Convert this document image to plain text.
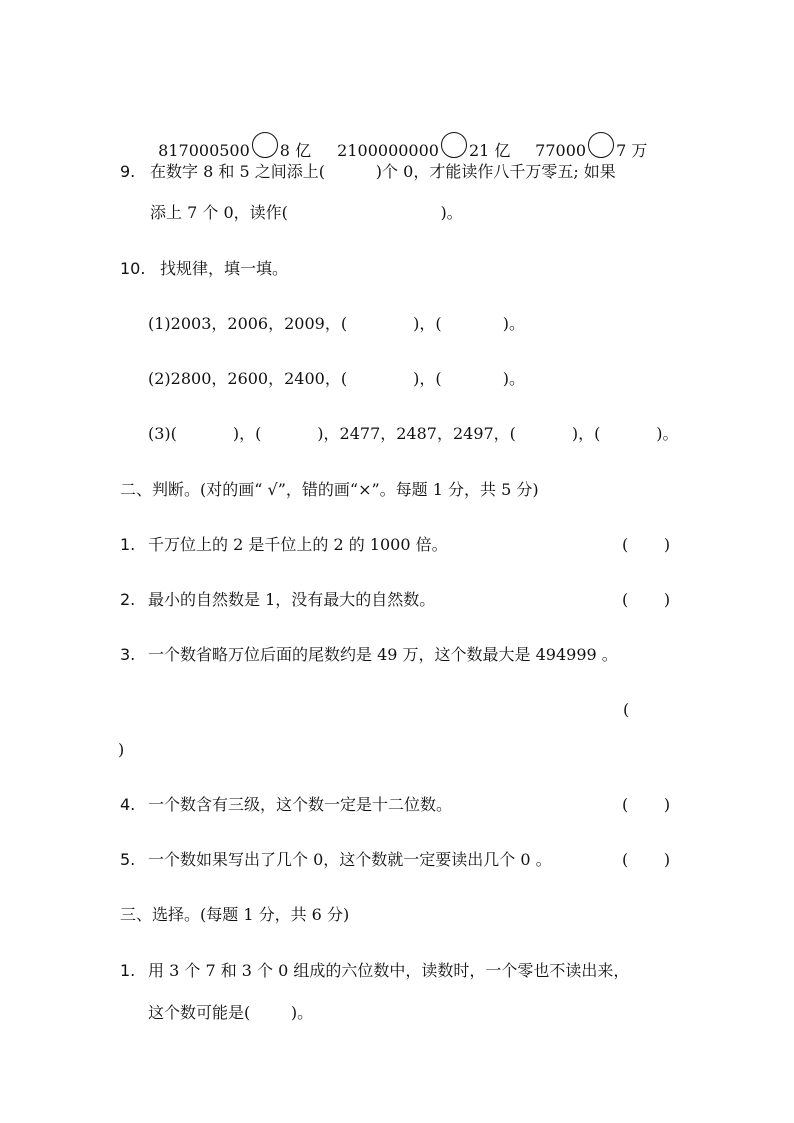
817000500 8 亿	2100000000 21 亿	77000 7 万

9. 在数字 8 和 5 之间添上(          )个 0，才能读作八千万零五; 如果
添上 7 个 0，读作(                              )。
10. 找规律，填一填。
(1)2003，2006，2009，(             )，(            )。
(2)2800，2600，2400，(             )，(            )。
(3)(           )，(           )，2477，2487，2497，(           )，(           )。
二、判断。(对的画“ √”，错的画“×”。每题 1 分，共 5 分)
1. 千万位上的 2 是千位上的 2 的 1000 倍。	(       )
2. 最小的自然数是 1，没有最大的自然数。	(       )
3. 一个数省略万位后面的尾数约是 49 万，这个数最大是 494999 。
(
)
4. 一个数含有三级，这个数一定是十二位数。	(       )
5. 一个数如果写出了几个 0，这个数就一定要读出几个 0 。	(       )
三、选择。(每题 1 分，共 6 分)
1. 用 3 个 7 和 3 个 0 组成的六位数中，读数时，一个零也不读出来，
这个数可能是(        )。
